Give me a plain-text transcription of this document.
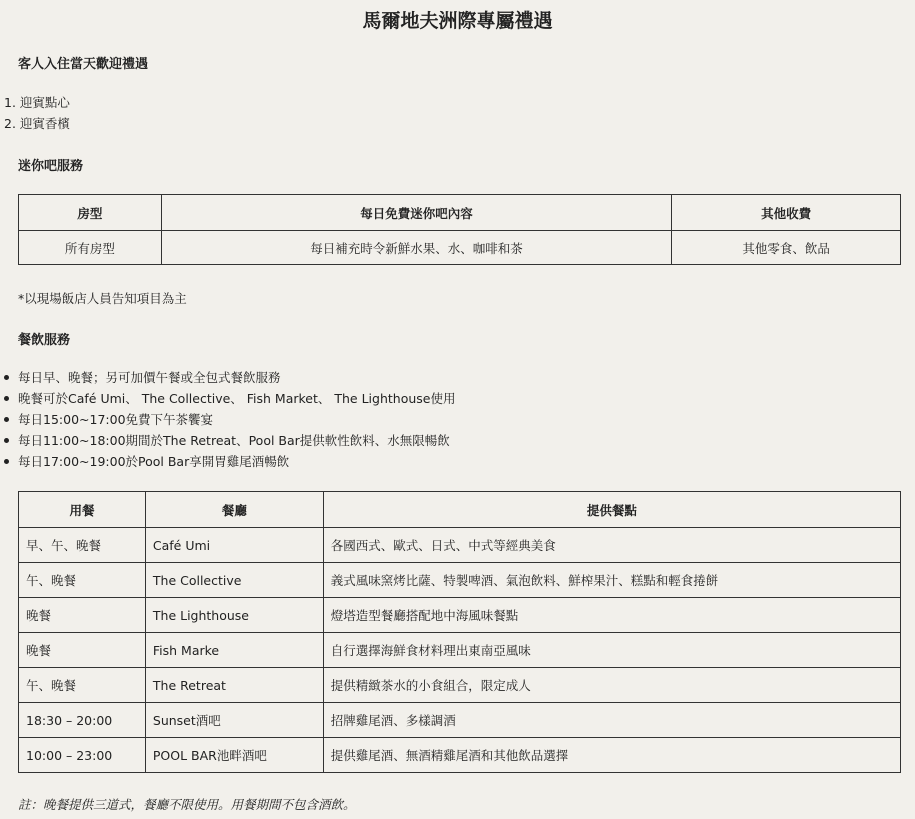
馬爾地夫洲際專屬禮遇
客人入住當天歡迎禮遇
1. 迎賓點心
2. 迎賓香檳
迷你吧服務
房型	每日免費迷你吧內容	其他收費
所有房型	每日補充時令新鮮水果、水、咖啡和茶	其他零食、飲品
*以現場飯店人員告知項目為主
餐飲服務
每日早、晚餐；另可加價午餐或全包式餐飲服務
晚餐可於Café Umi、 The Collective、 Fish Market、 The Lighthouse使用
每日15:00~17:00免費下午茶饗宴
每日11:00~18:00期間於The Retreat、Pool Bar提供軟性飲料、水無限暢飲
每日17:00~19:00於Pool Bar享開胃雞尾酒暢飲
用餐	餐廳	提供餐點
早、午、晚餐	Café Umi	各國西式、歐式、日式、中式等經典美食
午、晚餐	The Collective	義式風味窯烤比薩、特製啤酒、氣泡飲料、鮮榨果汁、糕點和輕食捲餅
晚餐	The Lighthouse	燈塔造型餐廳搭配地中海風味餐點
晚餐	Fish Marke	自行選擇海鮮食材料理出東南亞風味
午、晚餐	The Retreat	提供精緻茶水的小食組合，限定成人
18:30 – 20:00	Sunset酒吧	招牌雞尾酒、多樣調酒
10:00 – 23:00	POOL BAR池畔酒吧	提供雞尾酒、無酒精雞尾酒和其他飲品選擇
註：晚餐提供三道式，餐廳不限使用。用餐期間不包含酒飲。
